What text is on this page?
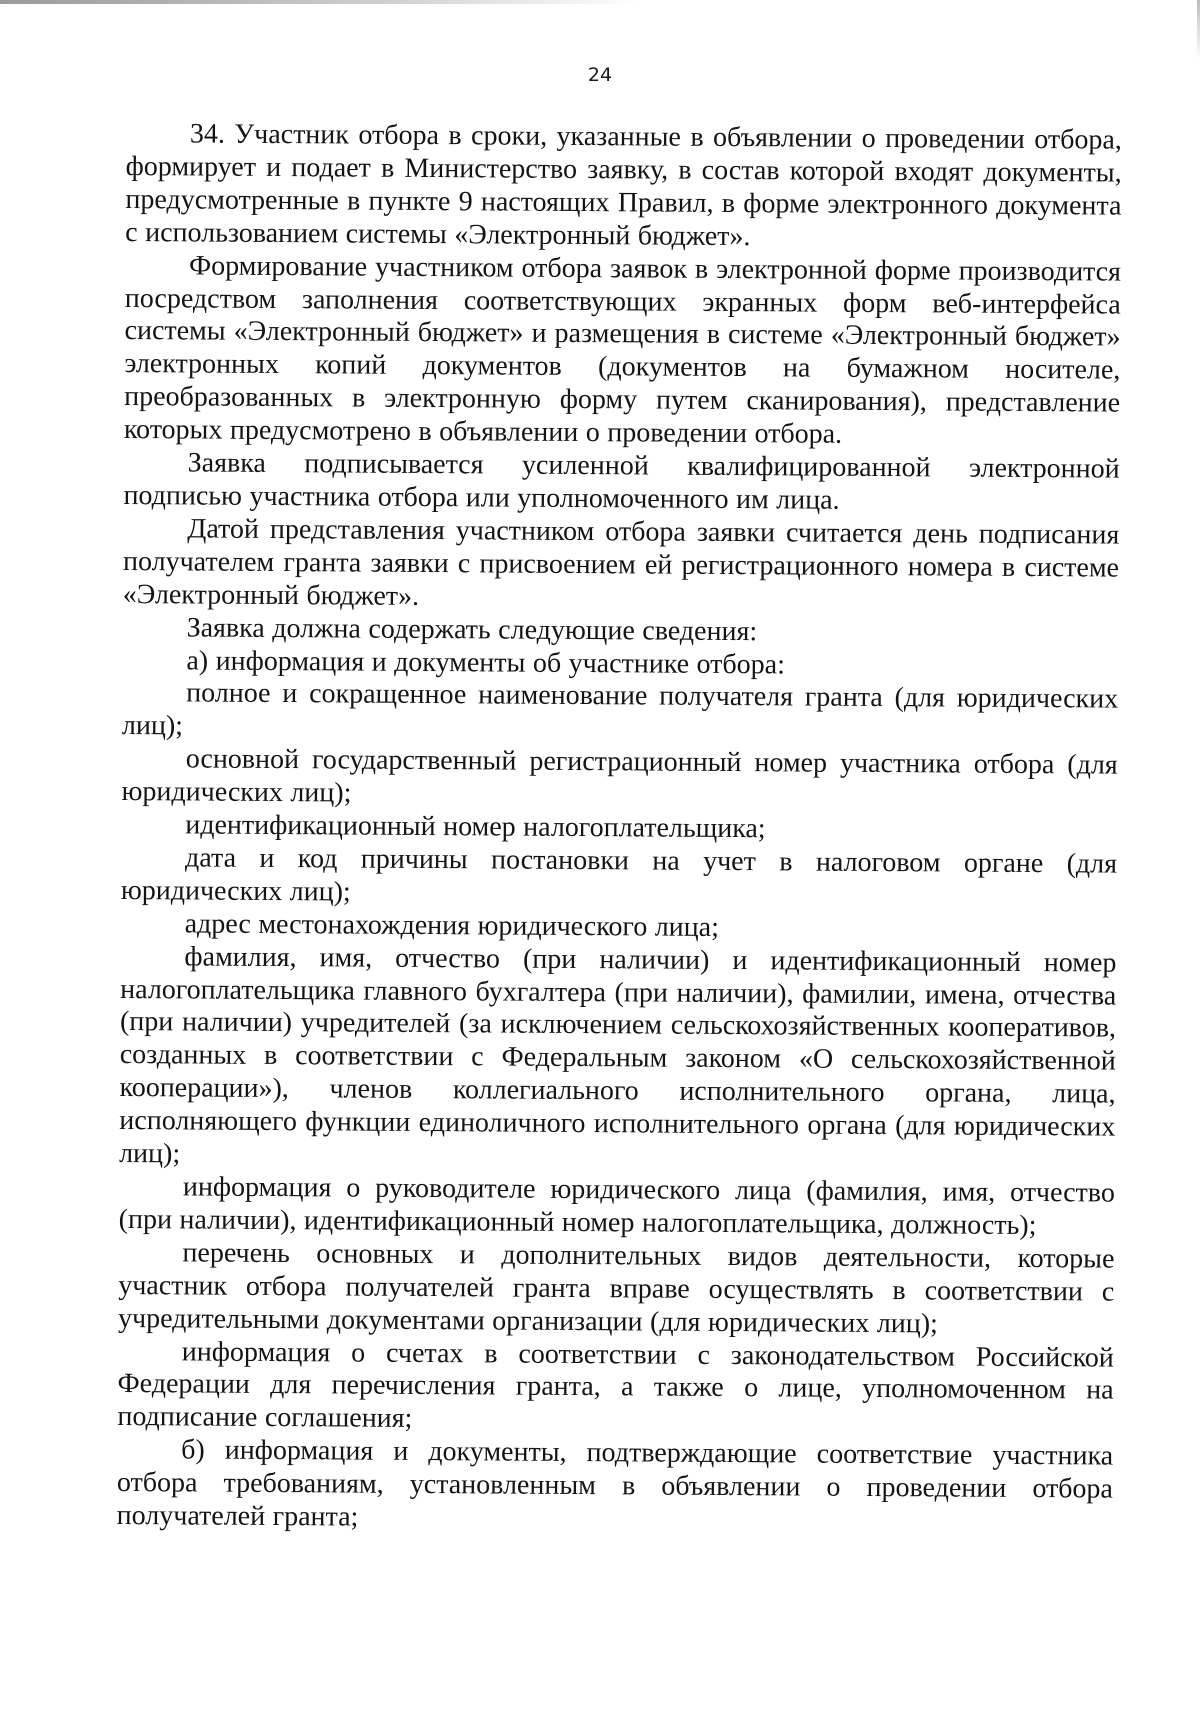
24

34. Участник отбора в сроки, указанные в объявлении о проведении отбора, формирует и подает в Министерство заявку, в состав которой входят документы, предусмотренные в пункте 9 настоящих Правил, в форме электронного документа с использованием системы «Электронный бюджет».

Формирование участником отбора заявок в электронной форме производится посредством заполнения соответствующих экранных форм веб-интерфейса системы «Электронный бюджет» и размещения в системе «Электронный бюджет» электронных копий документов (документов на бумажном носителе, преобразованных в электронную форму путем сканирования), представление которых предусмотрено в объявлении о проведении отбора.

Заявка подписывается усиленной квалифицированной электронной подписью участника отбора или уполномоченного им лица.

Датой представления участником отбора заявки считается день подписания получателем гранта заявки с присвоением ей регистрационного номера в системе «Электронный бюджет».

Заявка должна содержать следующие сведения:

а) информация и документы об участнике отбора:

полное и сокращенное наименование получателя гранта (для юридических лиц);

основной государственный регистрационный номер участника отбора (для юридических лиц);

идентификационный номер налогоплательщика;

дата и код причины постановки на учет в налоговом органе (для юридических лиц);

адрес местонахождения юридического лица;

фамилия, имя, отчество (при наличии) и идентификационный номер налогоплательщика главного бухгалтера (при наличии), фамилии, имена, отчества (при наличии) учредителей (за исключением сельскохозяйственных кооперативов, созданных в соответствии с Федеральным законом «О сельскохозяйственной кооперации»), членов коллегиального исполнительного органа, лица, исполняющего функции единоличного исполнительного органа (для юридических лиц);

информация о руководителе юридического лица (фамилия, имя, отчество (при наличии), идентификационный номер налогоплательщика, должность);

перечень основных и дополнительных видов деятельности, которые участник отбора получателей гранта вправе осуществлять в соответствии с учредительными документами организации (для юридических лиц);

информация о счетах в соответствии с законодательством Российской Федерации для перечисления гранта, а также о лице, уполномоченном на подписание соглашения;

б) информация и документы, подтверждающие соответствие участника отбора требованиям, установленным в объявлении о проведении отбора получателей гранта;
